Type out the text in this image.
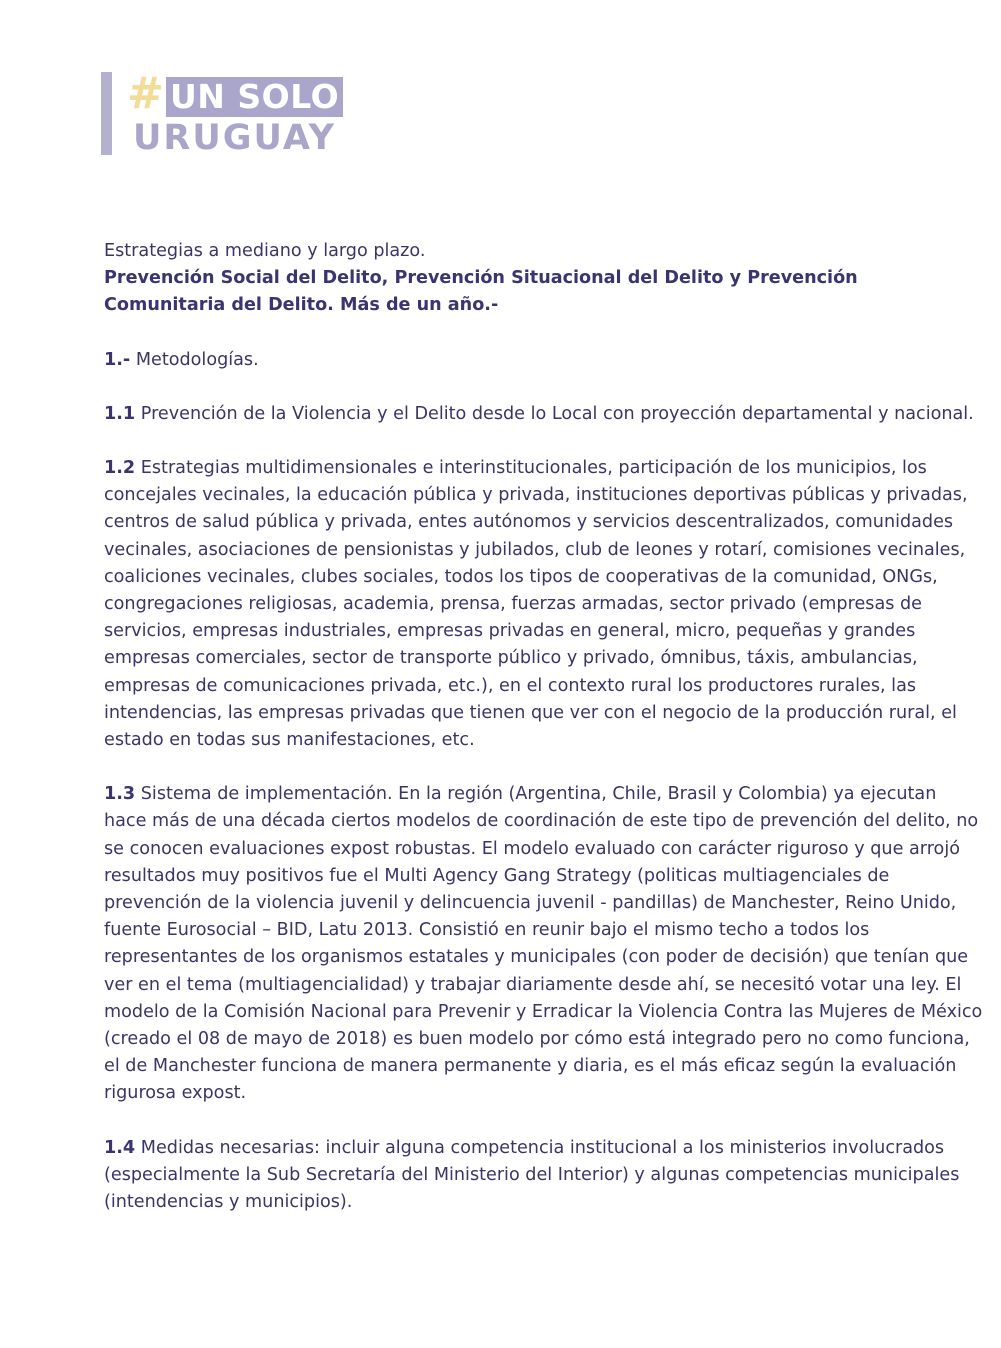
# UN SOLO
URUGUAY

Estrategias a mediano y largo plazo.

Prevención Social del Delito, Prevención Situacional del Delito y Prevención Comunitaria del Delito. Más de un año.-

1.- Metodologías.

1.1 Prevención de la Violencia y el Delito desde lo Local con proyección departamental y nacional.

1.2 Estrategias multidimensionales e interinstitucionales, participación de los municipios, los concejales vecinales, la educación pública y privada, instituciones deportivas públicas y privadas, centros de salud pública y privada, entes autónomos y servicios descentralizados, comunidades vecinales, asociaciones de pensionistas y jubilados, club de leones y rotarí, comisiones vecinales, coaliciones vecinales, clubes sociales, todos los tipos de cooperativas de la comunidad, ONGs, congregaciones religiosas, academia, prensa, fuerzas armadas, sector privado (empresas de servicios, empresas industriales, empresas privadas en general, micro, pequeñas y grandes empresas comerciales, sector de transporte público y privado, ómnibus, táxis, ambulancias, empresas de comunicaciones privada, etc.), en el contexto rural los productores rurales, las intendencias, las empresas privadas que tienen que ver con el negocio de la producción rural, el estado en todas sus manifestaciones, etc.

1.3 Sistema de implementación. En la región (Argentina, Chile, Brasil y Colombia) ya ejecutan hace más de una década ciertos modelos de coordinación de este tipo de prevención del delito, no se conocen evaluaciones expost robustas. El modelo evaluado con carácter riguroso y que arrojó resultados muy positivos fue el Multi Agency Gang Strategy (politicas multiagenciales de prevención de la violencia juvenil y delincuencia juvenil - pandillas) de Manchester, Reino Unido, fuente Eurosocial – BID, Latu 2013. Consistió en reunir bajo el mismo techo a todos los representantes de los organismos estatales y municipales (con poder de decisión) que tenían que ver en el tema (multiagencialidad) y trabajar diariamente desde ahí, se necesitó votar una ley. El modelo de la Comisión Nacional para Prevenir y Erradicar la Violencia Contra las Mujeres de México (creado el 08 de mayo de 2018) es buen modelo por cómo está integrado pero no como funciona, el de Manchester funciona de manera permanente y diaria, es el más eficaz según la evaluación rigurosa expost.

1.4 Medidas necesarias: incluir alguna competencia institucional a los ministerios involucrados (especialmente la Sub Secretaría del Ministerio del Interior) y algunas competencias municipales (intendencias y municipios).
